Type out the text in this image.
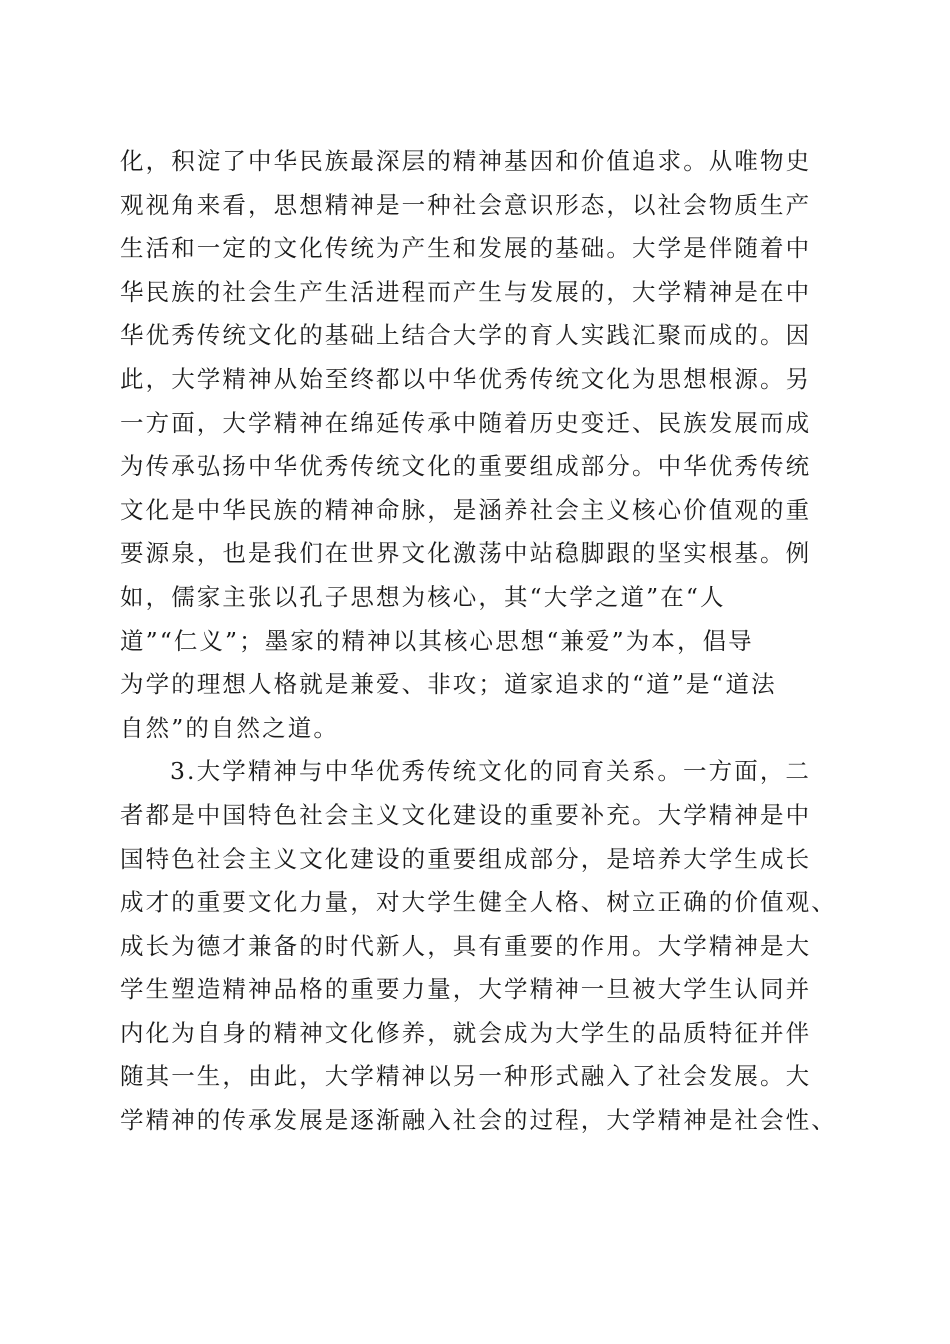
化，积淀了中华民族最深层的精神基因和价值追求。从唯物史
观视角来看，思想精神是一种社会意识形态，以社会物质生产
生活和一定的文化传统为产生和发展的基础。大学是伴随着中
华民族的社会生产生活进程而产生与发展的，大学精神是在中
华优秀传统文化的基础上结合大学的育人实践汇聚而成的。因
此，大学精神从始至终都以中华优秀传统文化为思想根源。另
一方面，大学精神在绵延传承中随着历史变迁、民族发展而成
为传承弘扬中华优秀传统文化的重要组成部分。中华优秀传统
文化是中华民族的精神命脉，是涵养社会主义核心价值观的重
要源泉，也是我们在世界文化激荡中站稳脚跟的坚实根基。例
如，儒家主张以孔子思想为核心，其“大学之道”在“人
道”“仁义”；墨家的精神以其核心思想“兼爱”为本，倡导
为学的理想人格就是兼爱、非攻；道家追求的“道”是“道法
自然”的自然之道。
3.大学精神与中华优秀传统文化的同育关系。一方面，二
者都是中国特色社会主义文化建设的重要补充。大学精神是中
国特色社会主义文化建设的重要组成部分，是培养大学生成长
成才的重要文化力量，对大学生健全人格、树立正确的价值观、
成长为德才兼备的时代新人，具有重要的作用。大学精神是大
学生塑造精神品格的重要力量，大学精神一旦被大学生认同并
内化为自身的精神文化修养，就会成为大学生的品质特征并伴
随其一生，由此，大学精神以另一种形式融入了社会发展。大
学精神的传承发展是逐渐融入社会的过程，大学精神是社会性、
